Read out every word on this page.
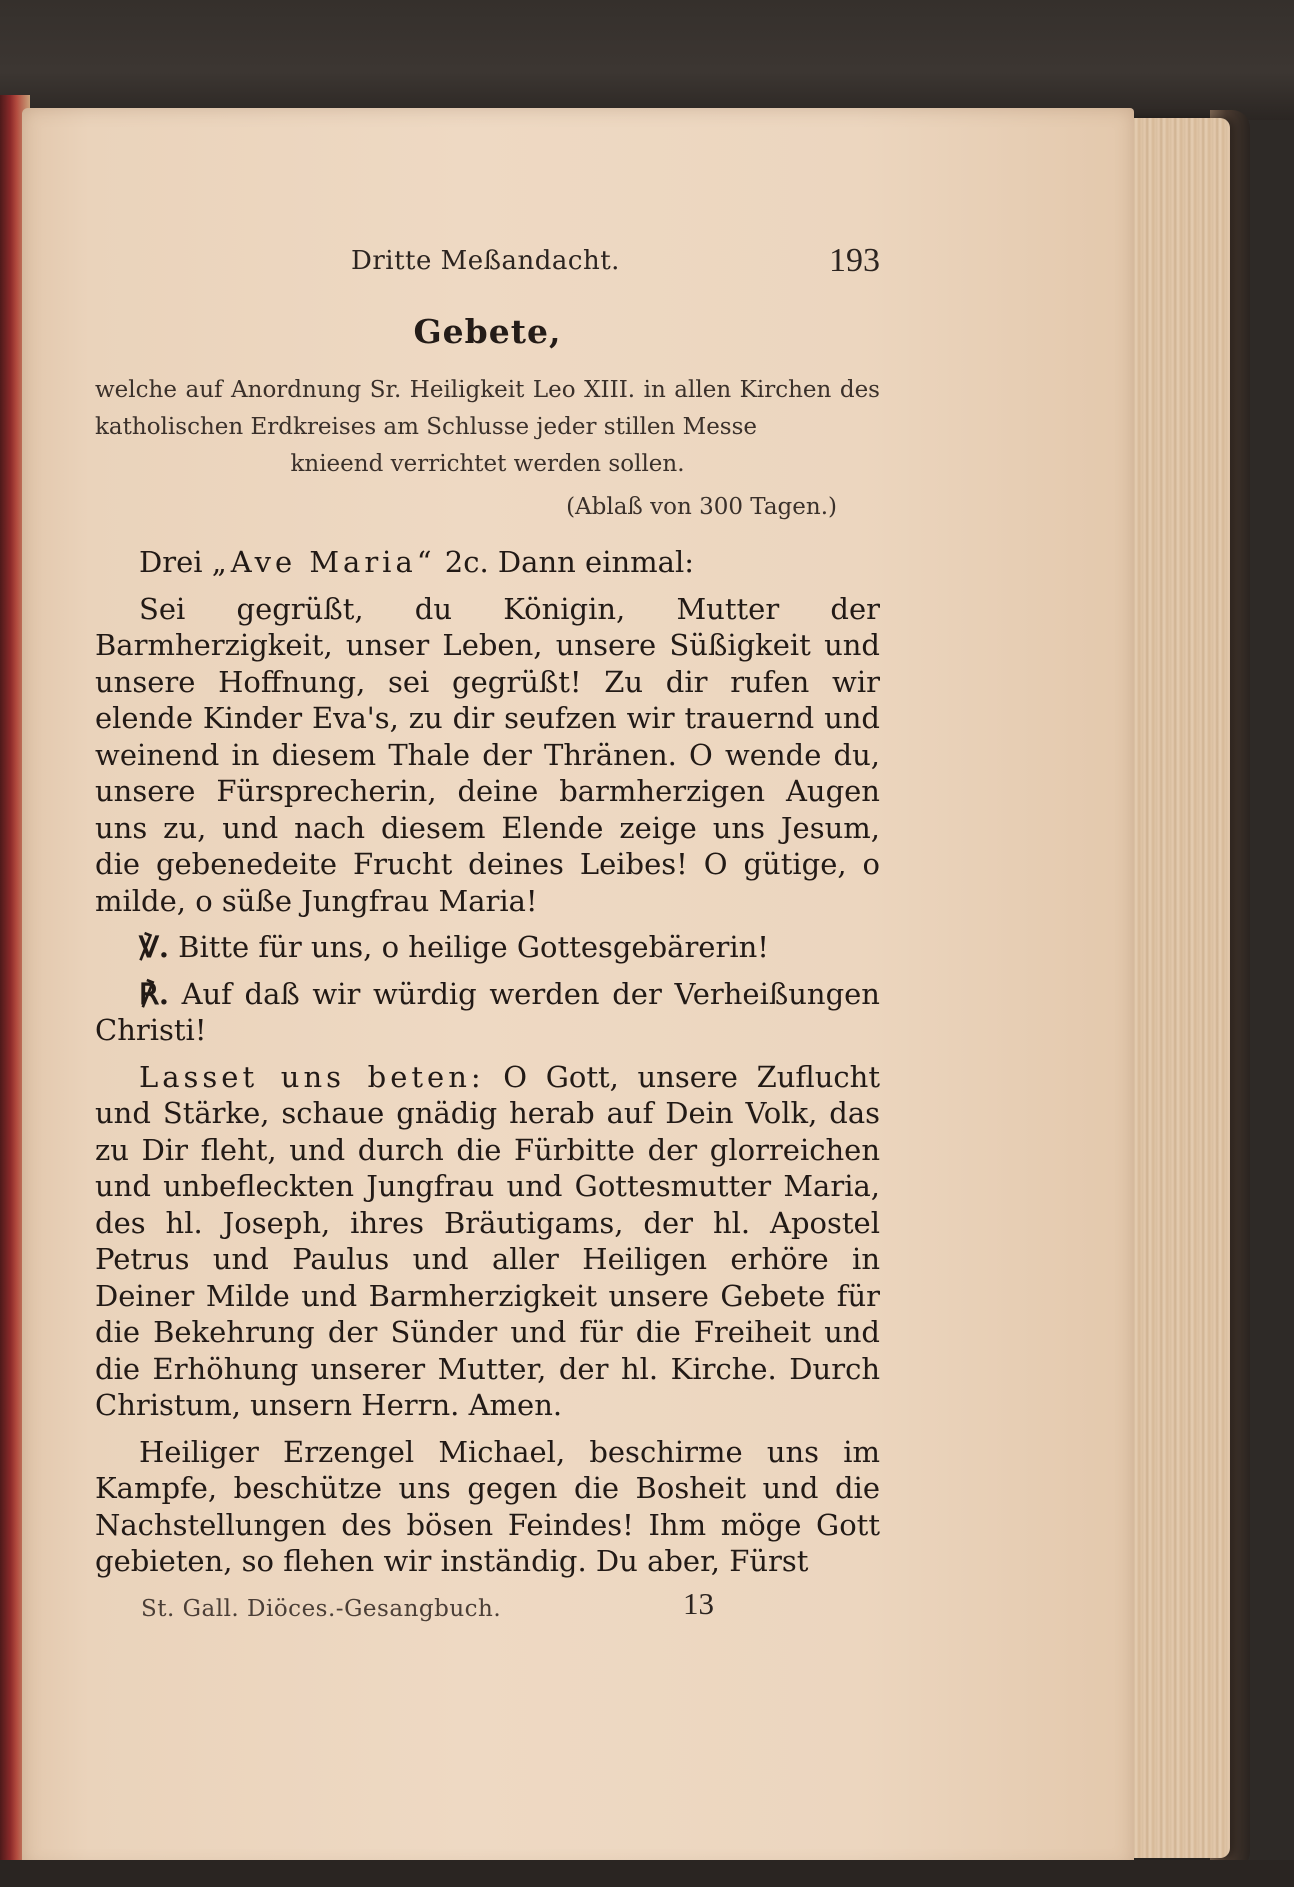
Dritte Meßandacht.	193
Gebete,
welche auf Anordnung Sr. Heiligkeit Leo XIII. in allen Kirchen des katholischen Erdkreises am Schlusse jeder stillen Messe
knieend verrichtet werden sollen.
(Ablaß von 300 Tagen.)

Drei „Ave Maria“ 2c. Dann einmal:

Sei gegrüßt, du Königin, Mutter der Barmherzigkeit, unser Leben, unsere Süßigkeit und unsere Hoffnung, sei gegrüßt! Zu dir rufen wir elende Kinder Eva's, zu dir seufzen wir trauernd und weinend in diesem Thale der Thränen. O wende du, unsere Fürsprecherin, deine barmherzigen Augen uns zu, und nach diesem Elende zeige uns Jesum, die gebenedeite Frucht deines Leibes! O gütige, o milde, o süße Jungfrau Maria!

℣. Bitte für uns, o heilige Gottesgebärerin!

℟. Auf daß wir würdig werden der Verheißungen Christi!

Lasset uns beten: O Gott, unsere Zuflucht und Stärke, schaue gnädig herab auf Dein Volk, das zu Dir fleht, und durch die Fürbitte der glorreichen und unbefleckten Jungfrau und Gottesmutter Maria, des hl. Joseph, ihres Bräutigams, der hl. Apostel Petrus und Paulus und aller Heiligen erhöre in Deiner Milde und Barmherzigkeit unsere Gebete für die Bekehrung der Sünder und für die Freiheit und die Erhöhung unserer Mutter, der hl. Kirche. Durch Christum, unsern Herrn. Amen.

Heiliger Erzengel Michael, beschirme uns im Kampfe, beschütze uns gegen die Bosheit und die Nachstellungen des bösen Feindes! Ihm möge Gott gebieten, so flehen wir inständig. Du aber, Fürst

St. Gall. Diöces.-Gesangbuch.	13
